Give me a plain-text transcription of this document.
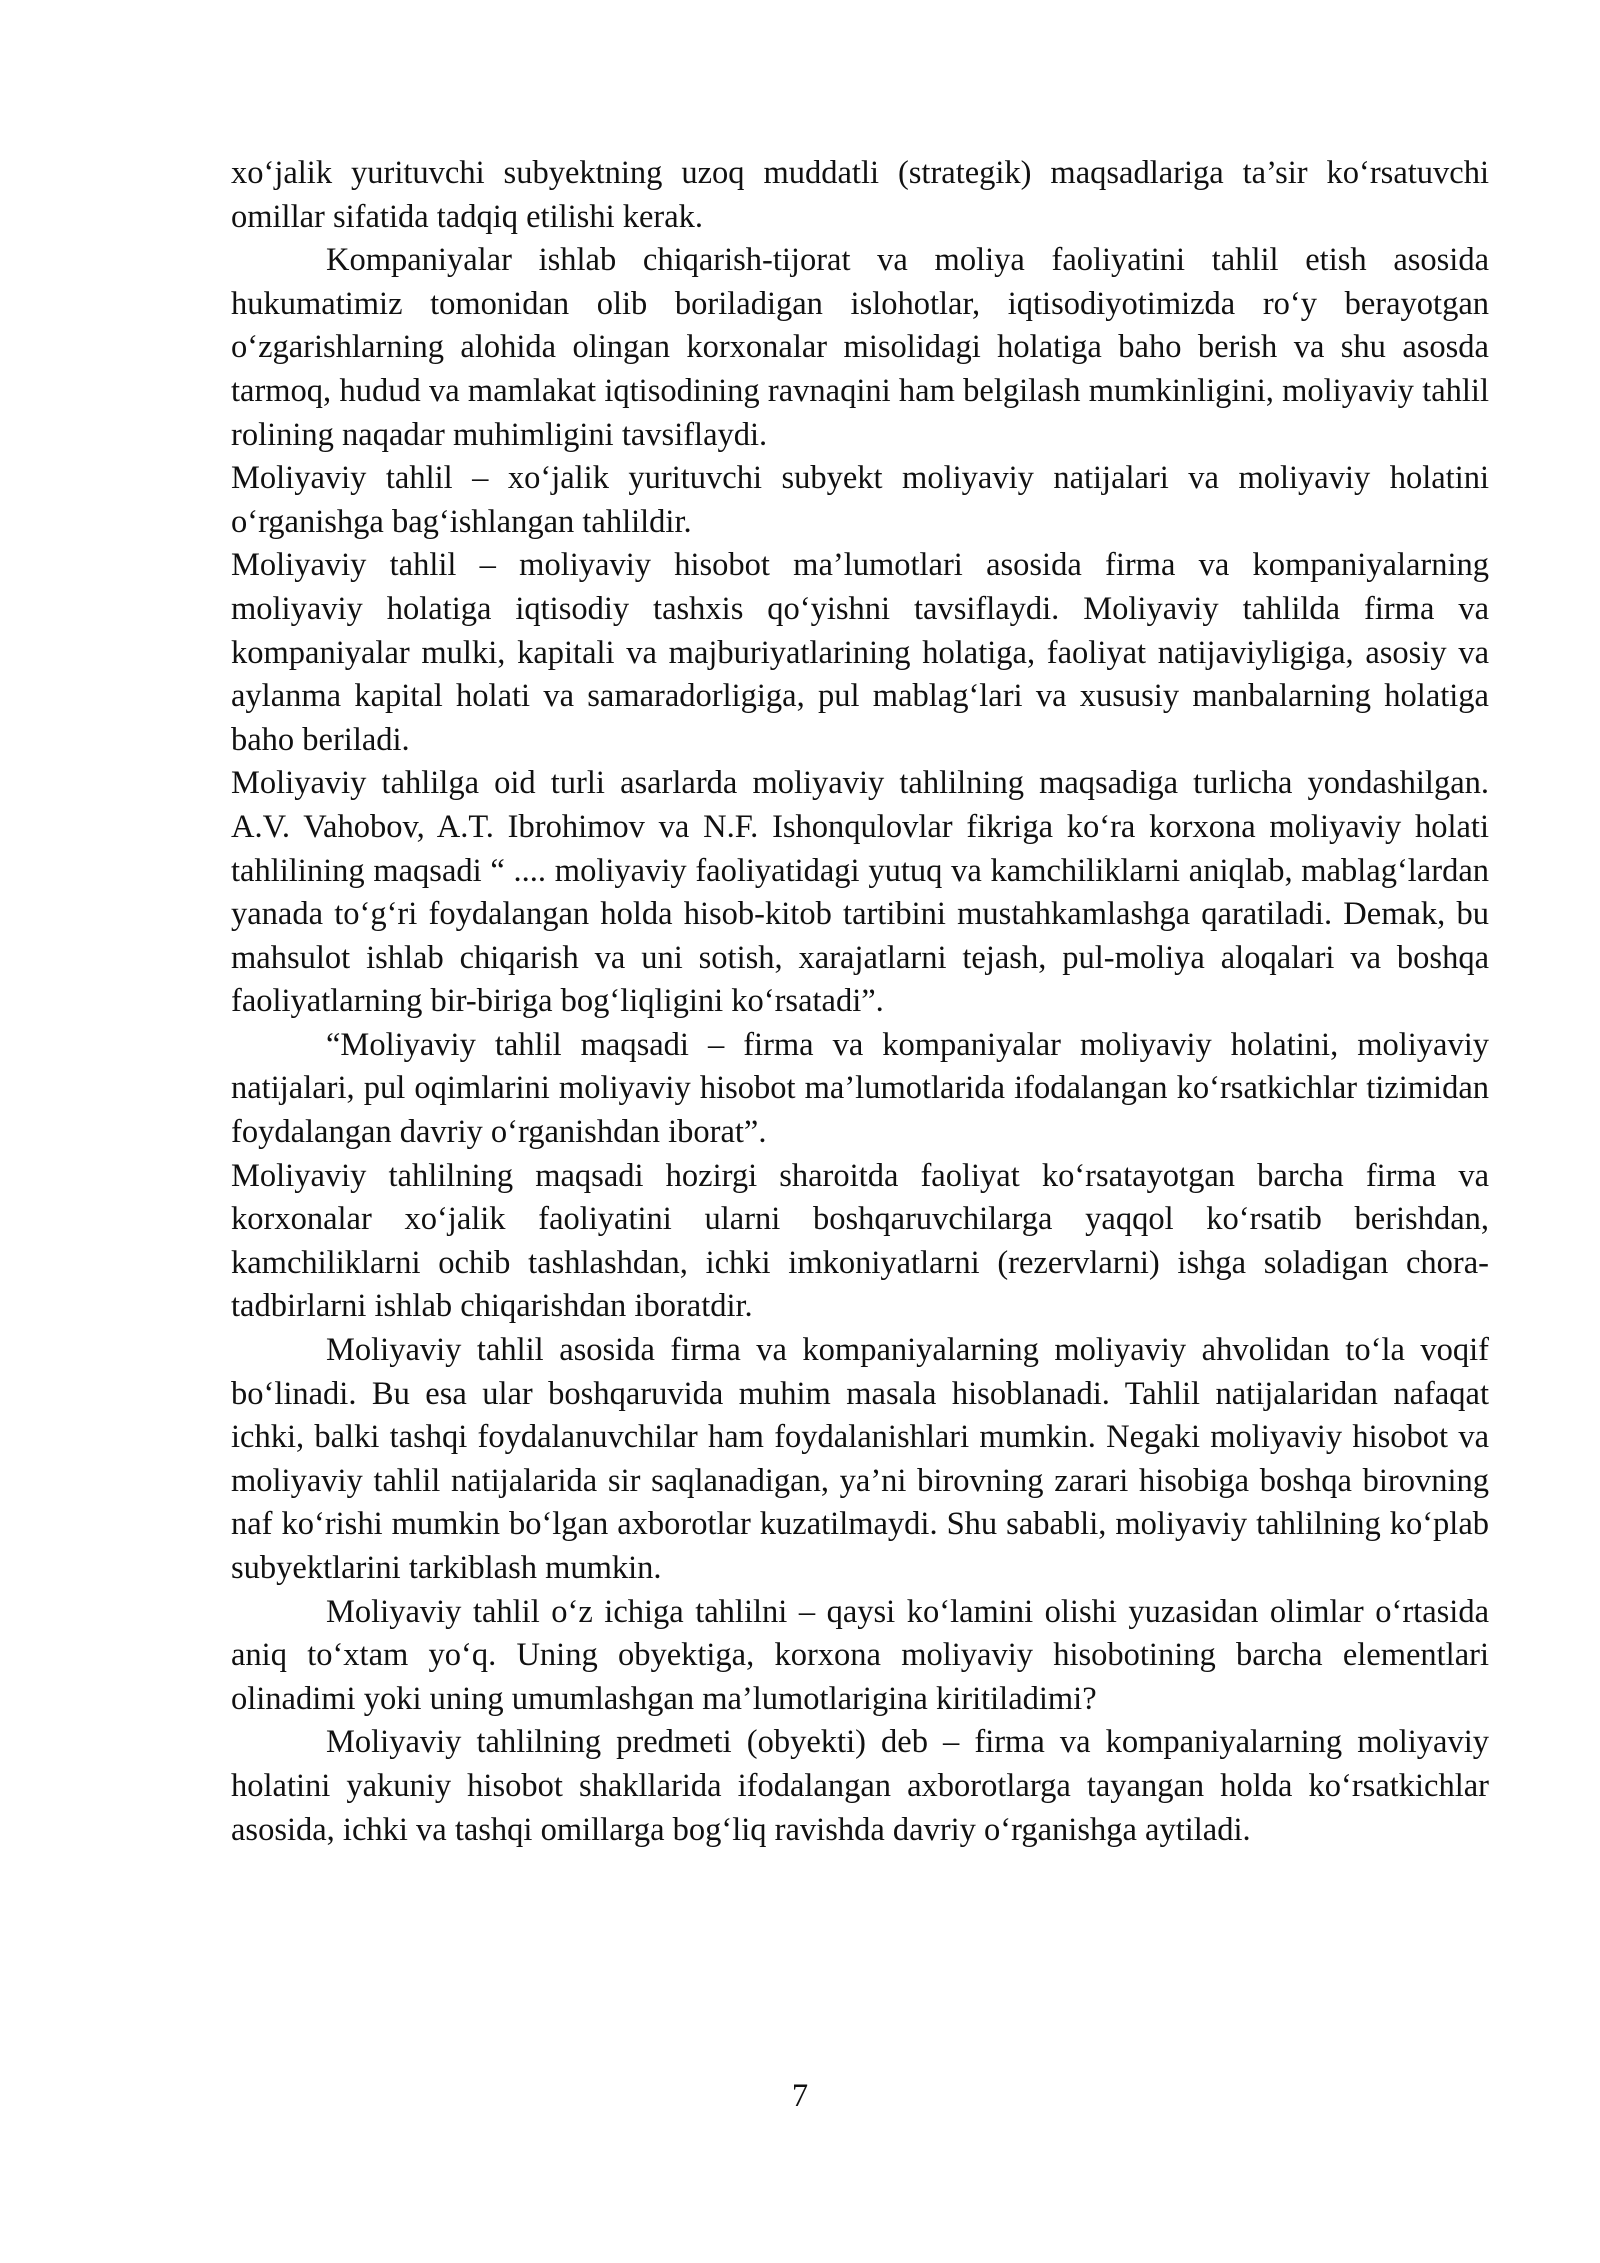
xo‘jalik yurituvchi subyektning uzoq muddatli (strategik) maqsadlariga ta’sir ko‘rsatuvchi omillar sifatida tadqiq etilishi kerak.

Kompaniyalar ishlab chiqarish-tijorat va moliya faoliyatini tahlil etish asosida hukumatimiz tomonidan olib boriladigan islohotlar, iqtisodiyotimizda ro‘y berayotgan o‘zgarishlarning alohida olingan korxonalar misolidagi holatiga baho berish va shu asosda tarmoq, hudud va mamlakat iqtisodining ravnaqini ham belgilash mumkinligini, moliyaviy tahlil rolining naqadar muhimligini tavsiflaydi.

Moliyaviy tahlil – xo‘jalik yurituvchi subyekt moliyaviy natijalari va moliyaviy holatini o‘rganishga bag‘ishlangan tahlildir.

Moliyaviy tahlil – moliyaviy hisobot ma’lumotlari asosida firma va kompaniyalarning moliyaviy holatiga iqtisodiy tashxis qo‘yishni tavsiflaydi. Moliyaviy tahlilda firma va kompaniyalar mulki, kapitali va majburiyatlarining holatiga, faoliyat natijaviyligiga, asosiy va aylanma kapital holati va samaradorligiga, pul mablag‘lari va xususiy manbalarning holatiga baho beriladi.

Moliyaviy tahlilga oid turli asarlarda moliyaviy tahlilning maqsadiga turlicha yondashilgan. A.V. Vahobov, A.T. Ibrohimov va N.F. Ishonqulovlar fikriga ko‘ra korxona moliyaviy holati tahlilining maqsadi “ .... moliyaviy faoliyatidagi yutuq va kamchiliklarni aniqlab, mablag‘lardan yanada to‘g‘ri foydalangan holda hisob-kitob tartibini mustahkamlashga qaratiladi. Demak, bu mahsulot ishlab chiqarish va uni sotish, xarajatlarni tejash, pul-moliya aloqalari va boshqa faoliyatlarning bir-biriga bog‘liqligini ko‘rsatadi”.

“Moliyaviy tahlil maqsadi – firma va kompaniyalar moliyaviy holatini, moliyaviy natijalari, pul oqimlarini moliyaviy hisobot ma’lumotlarida ifodalangan ko‘rsatkichlar tizimidan foydalangan davriy o‘rganishdan iborat”.

Moliyaviy tahlilning maqsadi hozirgi sharoitda faoliyat ko‘rsatayotgan barcha firma va korxonalar xo‘jalik faoliyatini ularni boshqaruvchilarga yaqqol ko‘rsatib berishdan, kamchiliklarni ochib tashlashdan, ichki imkoniyatlarni (rezervlarni) ishga soladigan chora-tadbirlarni ishlab chiqarishdan iboratdir.

Moliyaviy tahlil asosida firma va kompaniyalarning moliyaviy ahvolidan to‘la voqif bo‘linadi. Bu esa ular boshqaruvida muhim masala hisoblanadi. Tahlil natijalaridan nafaqat ichki, balki tashqi foydalanuvchilar ham foydalanishlari mumkin. Negaki moliyaviy hisobot va moliyaviy tahlil natijalarida sir saqlanadigan, ya’ni birovning zarari hisobiga boshqa birovning naf ko‘rishi mumkin bo‘lgan axborotlar kuzatilmaydi. Shu sababli, moliyaviy tahlilning ko‘plab subyektlarini tarkiblash mumkin.

Moliyaviy tahlil o‘z ichiga tahlilni – qaysi ko‘lamini olishi yuzasidan olimlar o‘rtasida aniq to‘xtam yo‘q. Uning obyektiga, korxona moliyaviy hisobotining barcha elementlari olinadimi yoki uning umumlashgan ma’lumotlarigina kiritiladimi?

Moliyaviy tahlilning predmeti (obyekti) deb – firma va kompaniyalarning moliyaviy holatini yakuniy hisobot shakllarida ifodalangan axborotlarga tayangan holda ko‘rsatkichlar asosida, ichki va tashqi omillarga bog‘liq ravishda davriy o‘rganishga aytiladi.

7
